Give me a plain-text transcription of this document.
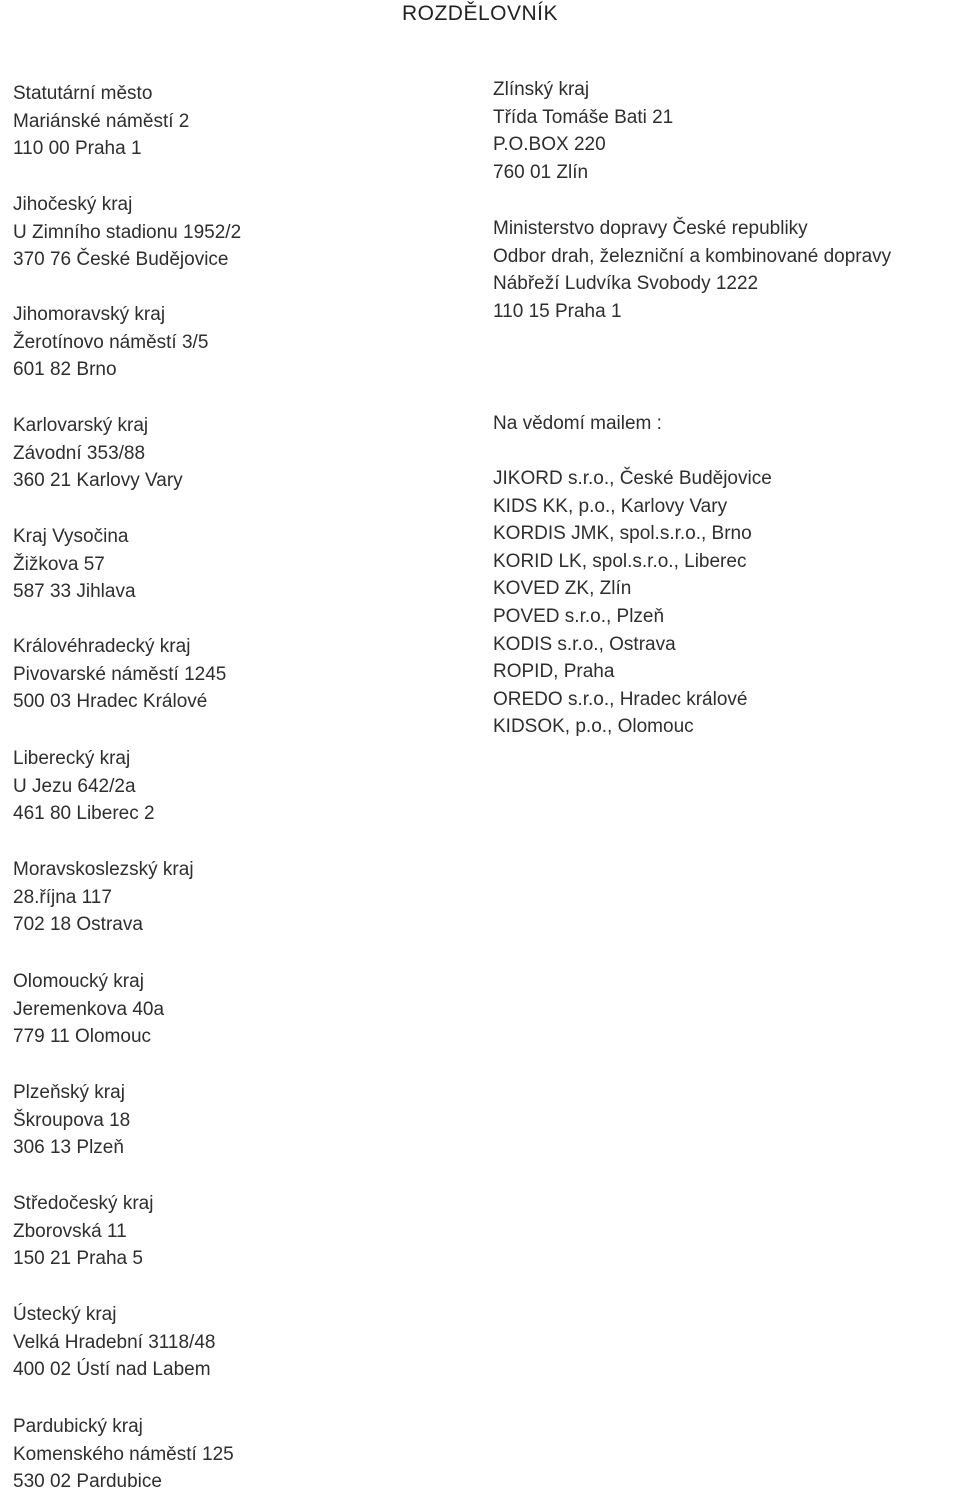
ROZDĚLOVNÍK
Statutární město
Mariánské náměstí 2
110 00 Praha 1
Jihočeský kraj
U Zimního stadionu 1952/2
370 76 České Budějovice
Jihomoravský kraj
Žerotínovo náměstí 3/5
601 82 Brno
Karlovarský kraj
Závodní 353/88
360 21 Karlovy Vary
Kraj Vysočina
Žižkova 57
587 33 Jihlava
Královéhradecký kraj
Pivovarské náměstí 1245
500 03 Hradec Králové
Liberecký kraj
U Jezu 642/2a
461 80 Liberec 2
Moravskoslezský kraj
28.října 117
702 18 Ostrava
Olomoucký kraj
Jeremenkova 40a
779 11 Olomouc
Plzeňský kraj
Škroupova 18
306 13 Plzeň
Středočeský kraj
Zborovská 11
150 21 Praha 5
Ústecký kraj
Velká Hradební 3118/48
400 02 Ústí nad Labem
Pardubický kraj
Komenského náměstí 125
530 02 Pardubice
Zlínský kraj
Třída Tomáše Bati 21
P.O.BOX 220
760 01 Zlín
Ministerstvo dopravy České republiky
Odbor drah, železniční a kombinované dopravy
Nábřeží Ludvíka Svobody 1222
110 15 Praha 1
Na vědomí mailem :
JIKORD s.r.o., České Budějovice
KIDS KK, p.o., Karlovy Vary
KORDIS JMK, spol.s.r.o., Brno
KORID LK, spol.s.r.o., Liberec
KOVED ZK, Zlín
POVED s.r.o., Plzeň
KODIS s.r.o., Ostrava
ROPID, Praha
OREDO s.r.o., Hradec králové
KIDSOK, p.o., Olomouc
